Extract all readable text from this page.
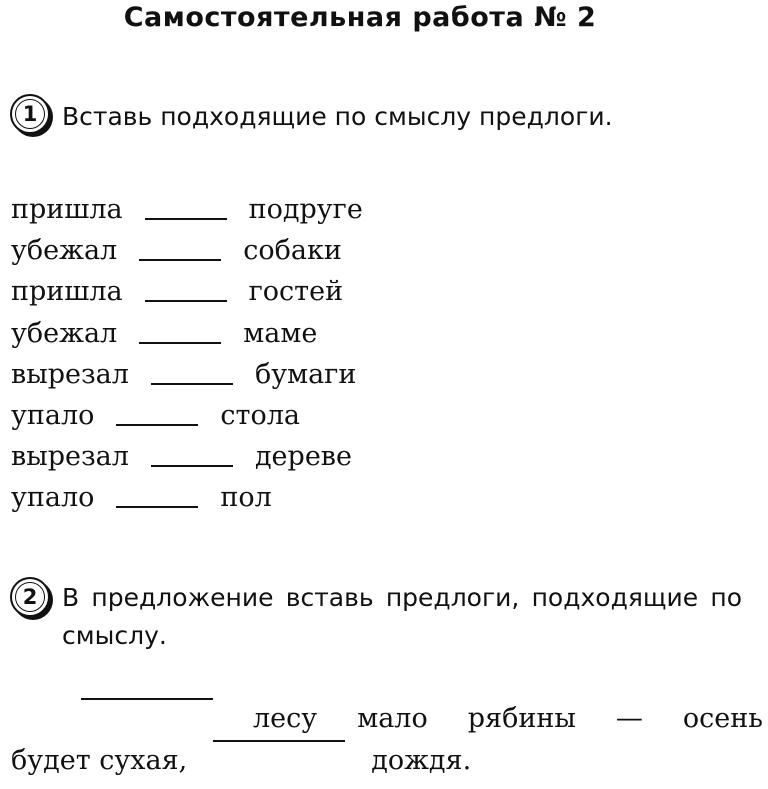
Самостоятельная работа № 2
1 Вставь подходящие по смыслу предлоги.
пришла	подруге
убежал	собаки
пришла	гостей
убежал	маме
вырезал	бумаги
упало	стола
вырезал	дереве
упало	пол
2 В предложение вставь предлоги, подходящие по смыслу.
лесу мало рябины — осень
будет сухая,	дождя.
